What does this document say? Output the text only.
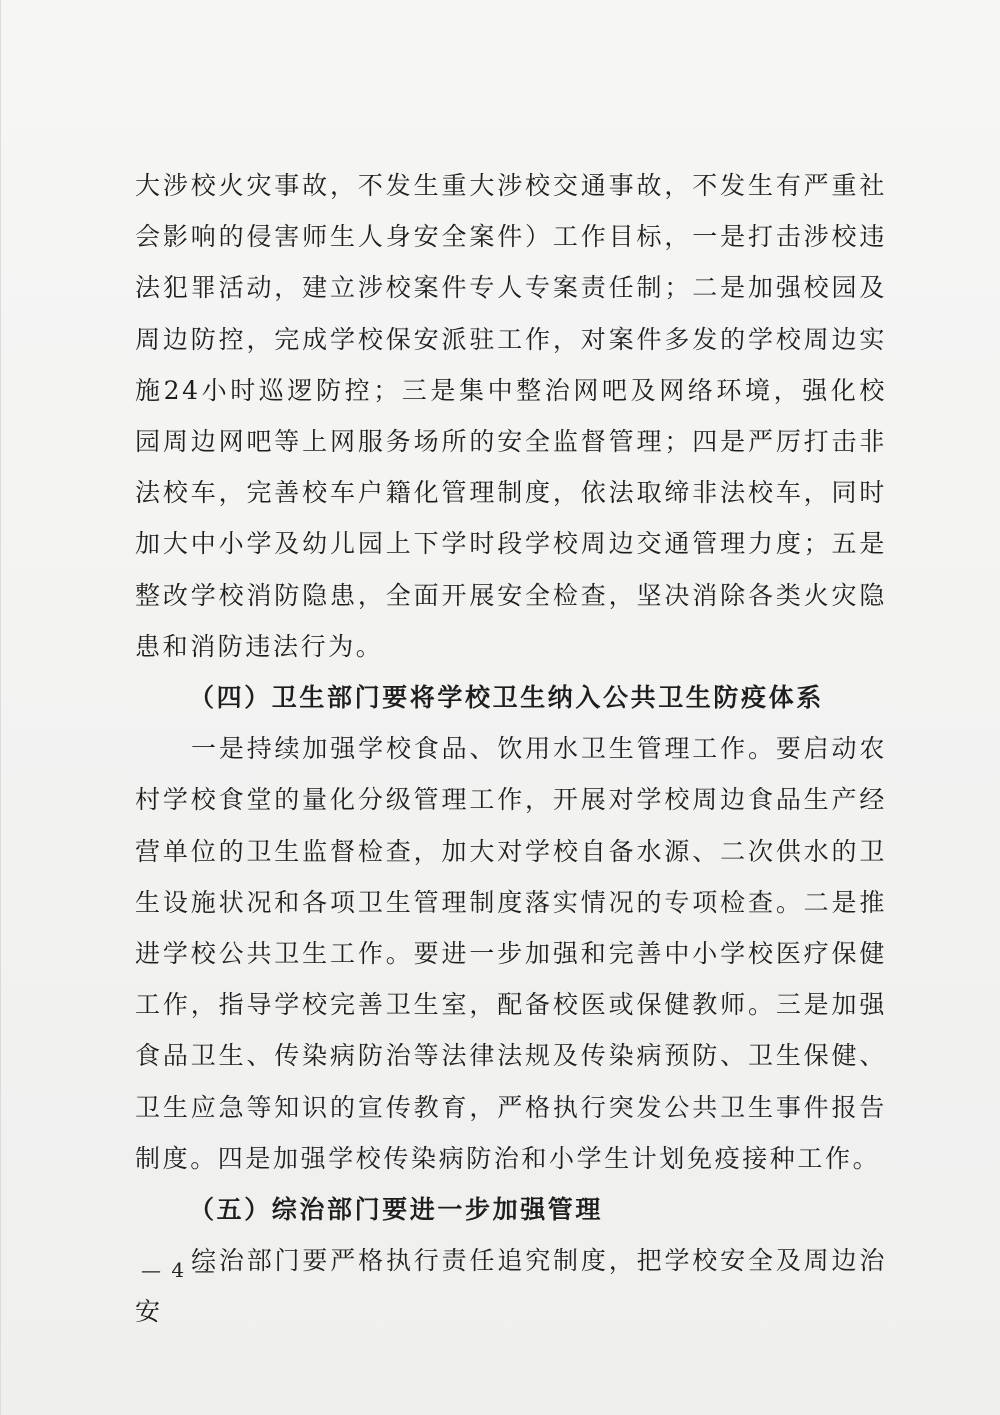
大涉校火灾事故，不发生重大涉校交通事故，不发生有严重社会影响的侵害师生人身安全案件）工作目标，一是打击涉校违法犯罪活动，建立涉校案件专人专案责任制；二是加强校园及周边防控，完成学校保安派驻工作，对案件多发的学校周边实施24小时巡逻防控；三是集中整治网吧及网络环境，强化校园周边网吧等上网服务场所的安全监督管理；四是严厉打击非法校车，完善校车户籍化管理制度，依法取缔非法校车，同时加大中小学及幼儿园上下学时段学校周边交通管理力度；五是整改学校消防隐患，全面开展安全检查，坚决消除各类火灾隐患和消防违法行为。

（四）卫生部门要将学校卫生纳入公共卫生防疫体系

一是持续加强学校食品、饮用水卫生管理工作。要启动农村学校食堂的量化分级管理工作，开展对学校周边食品生产经营单位的卫生监督检查，加大对学校自备水源、二次供水的卫生设施状况和各项卫生管理制度落实情况的专项检查。二是推进学校公共卫生工作。要进一步加强和完善中小学校医疗保健工作，指导学校完善卫生室，配备校医或保健教师。三是加强食品卫生、传染病防治等法律法规及传染病预防、卫生保健、卫生应急等知识的宣传教育，严格执行突发公共卫生事件报告制度。四是加强学校传染病防治和小学生计划免疫接种工作。

（五）综治部门要进一步加强管理

综治部门要严格执行责任追究制度，把学校安全及周边治安

— 4 —
